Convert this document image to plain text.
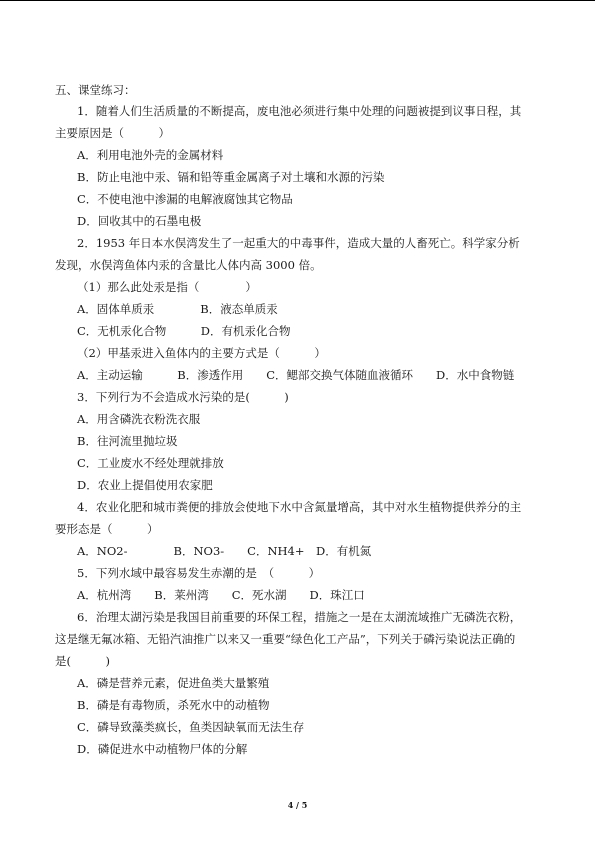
五、课堂练习：
1．随着人们生活质量的不断提高，废电池必须进行集中处理的问题被提到议事日程，其
主要原因是（　　　）
A．利用电池外壳的金属材料
B．防止电池中汞、镉和铅等重金属离子对土壤和水源的污染
C．不使电池中渗漏的电解液腐蚀其它物品
D．回收其中的石墨电极
2．1953 年日本水俣湾发生了一起重大的中毒事件，造成大量的人畜死亡。科学家分析
发现，水俣湾鱼体内汞的含量比人体内高 3000 倍。
（1）那么此处汞是指（　　　　）
A．固体单质汞　　　　B．液态单质汞
C．无机汞化合物　　　D．有机汞化合物
（2）甲基汞进入鱼体内的主要方式是（　　　）
A．主动运输　　　B．渗透作用　　C．鳃部交换气体随血液循环　　D．水中食物链
3．下列行为不会造成水污染的是(　　　)
A．用含磷洗衣粉洗衣服
B．往河流里抛垃圾
C．工业废水不经处理就排放
D．农业上提倡使用农家肥
4．农业化肥和城市粪便的排放会使地下水中含氮量增高，其中对水生植物提供养分的主
要形态是（　　　）
A．NO2-　　　　B．NO3-　　C．NH4+　D．有机氮
5．下列水域中最容易发生赤潮的是　（　　　）
A．杭州湾　　B．莱州湾　　C．死水湖　　D．珠江口
6．治理太湖污染是我国目前重要的环保工程，措施之一是在太湖流域推广无磷洗衣粉，
这是继无氟冰箱、无铅汽油推广以来又一重要“绿色化工产品”，下列关于磷污染说法正确的
是(　　　)
A．磷是营养元素，促进鱼类大量繁殖
B．磷是有毒物质，杀死水中的动植物
C．磷导致藻类疯长，鱼类因缺氧而无法生存
D．磷促进水中动植物尸体的分解
4 / 5
